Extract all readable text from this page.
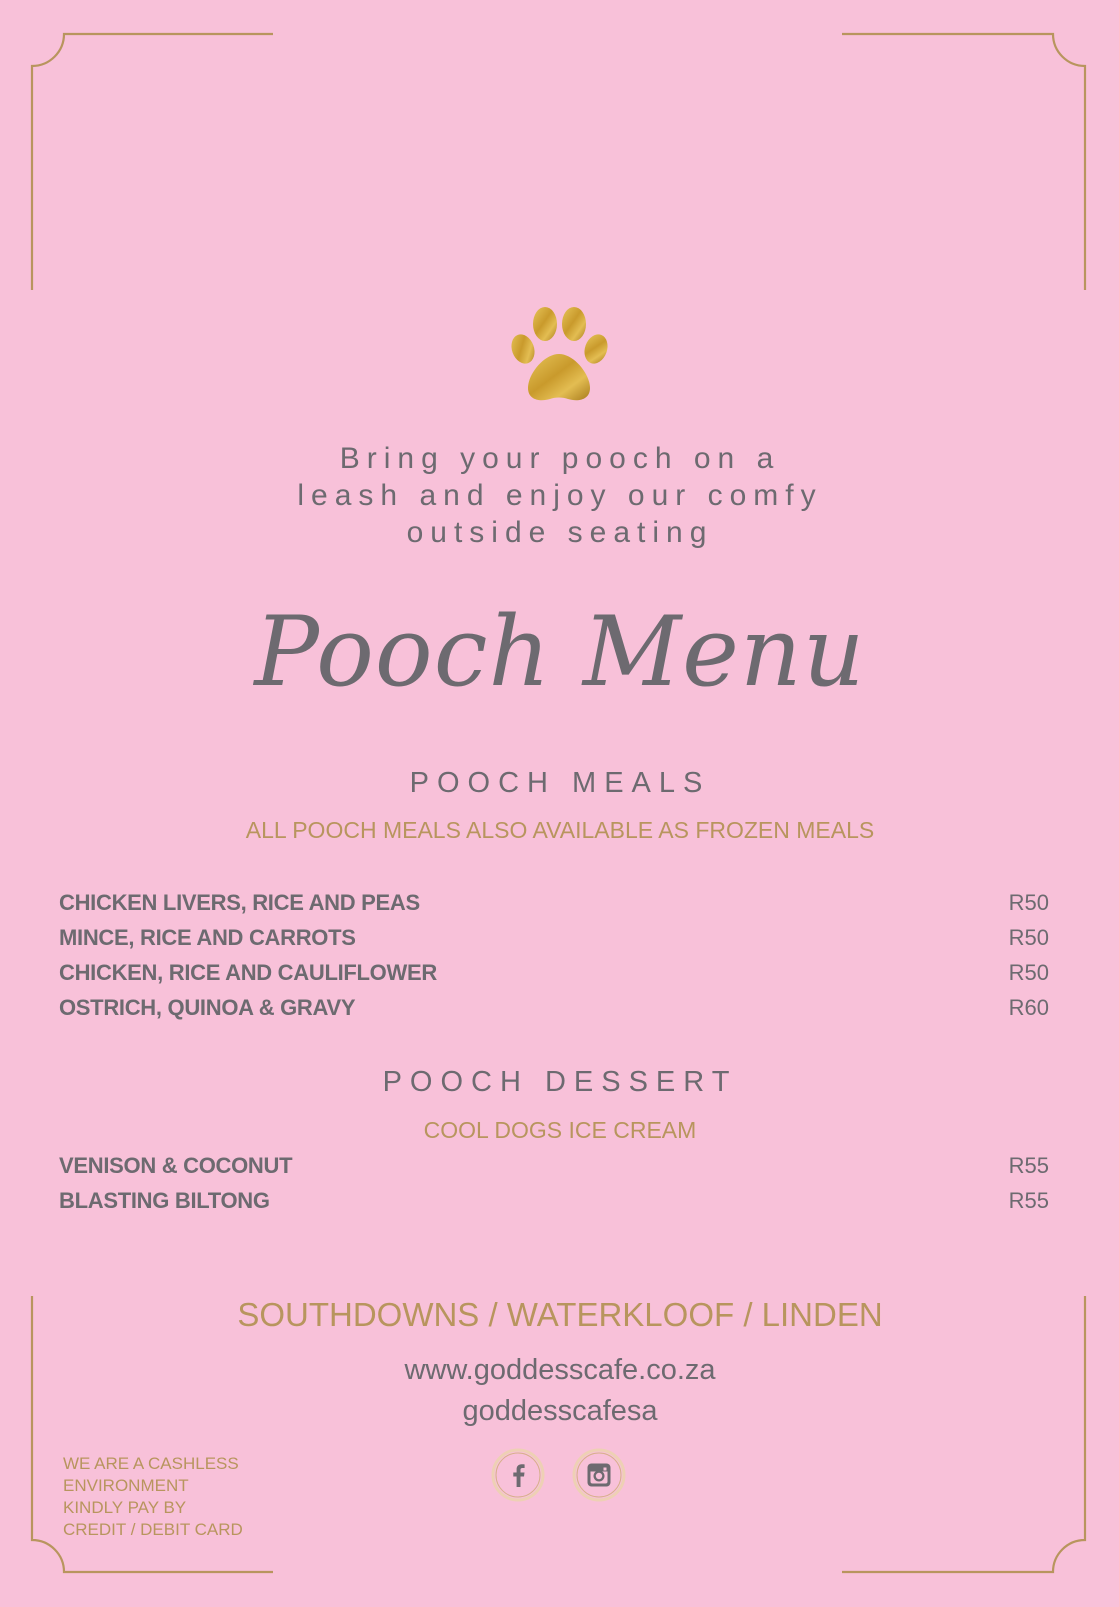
Bring your pooch on a
leash and enjoy our comfy
outside seating
Pooch Menu
POOCH MEALS
ALL POOCH MEALS ALSO AVAILABLE AS FROZEN MEALS
CHICKEN LIVERS, RICE AND PEAS	R50
MINCE, RICE AND CARROTS	R50
CHICKEN, RICE AND CAULIFLOWER	R50
OSTRICH, QUINOA & GRAVY	R60
POOCH DESSERT
COOL DOGS ICE CREAM
VENISON & COCONUT	R55
BLASTING BILTONG	R55
SOUTHDOWNS / WATERKLOOF / LINDEN
www.goddesscafe.co.za
goddesscafesa
WE ARE A CASHLESS
ENVIRONMENT
KINDLY PAY BY
CREDIT / DEBIT CARD
